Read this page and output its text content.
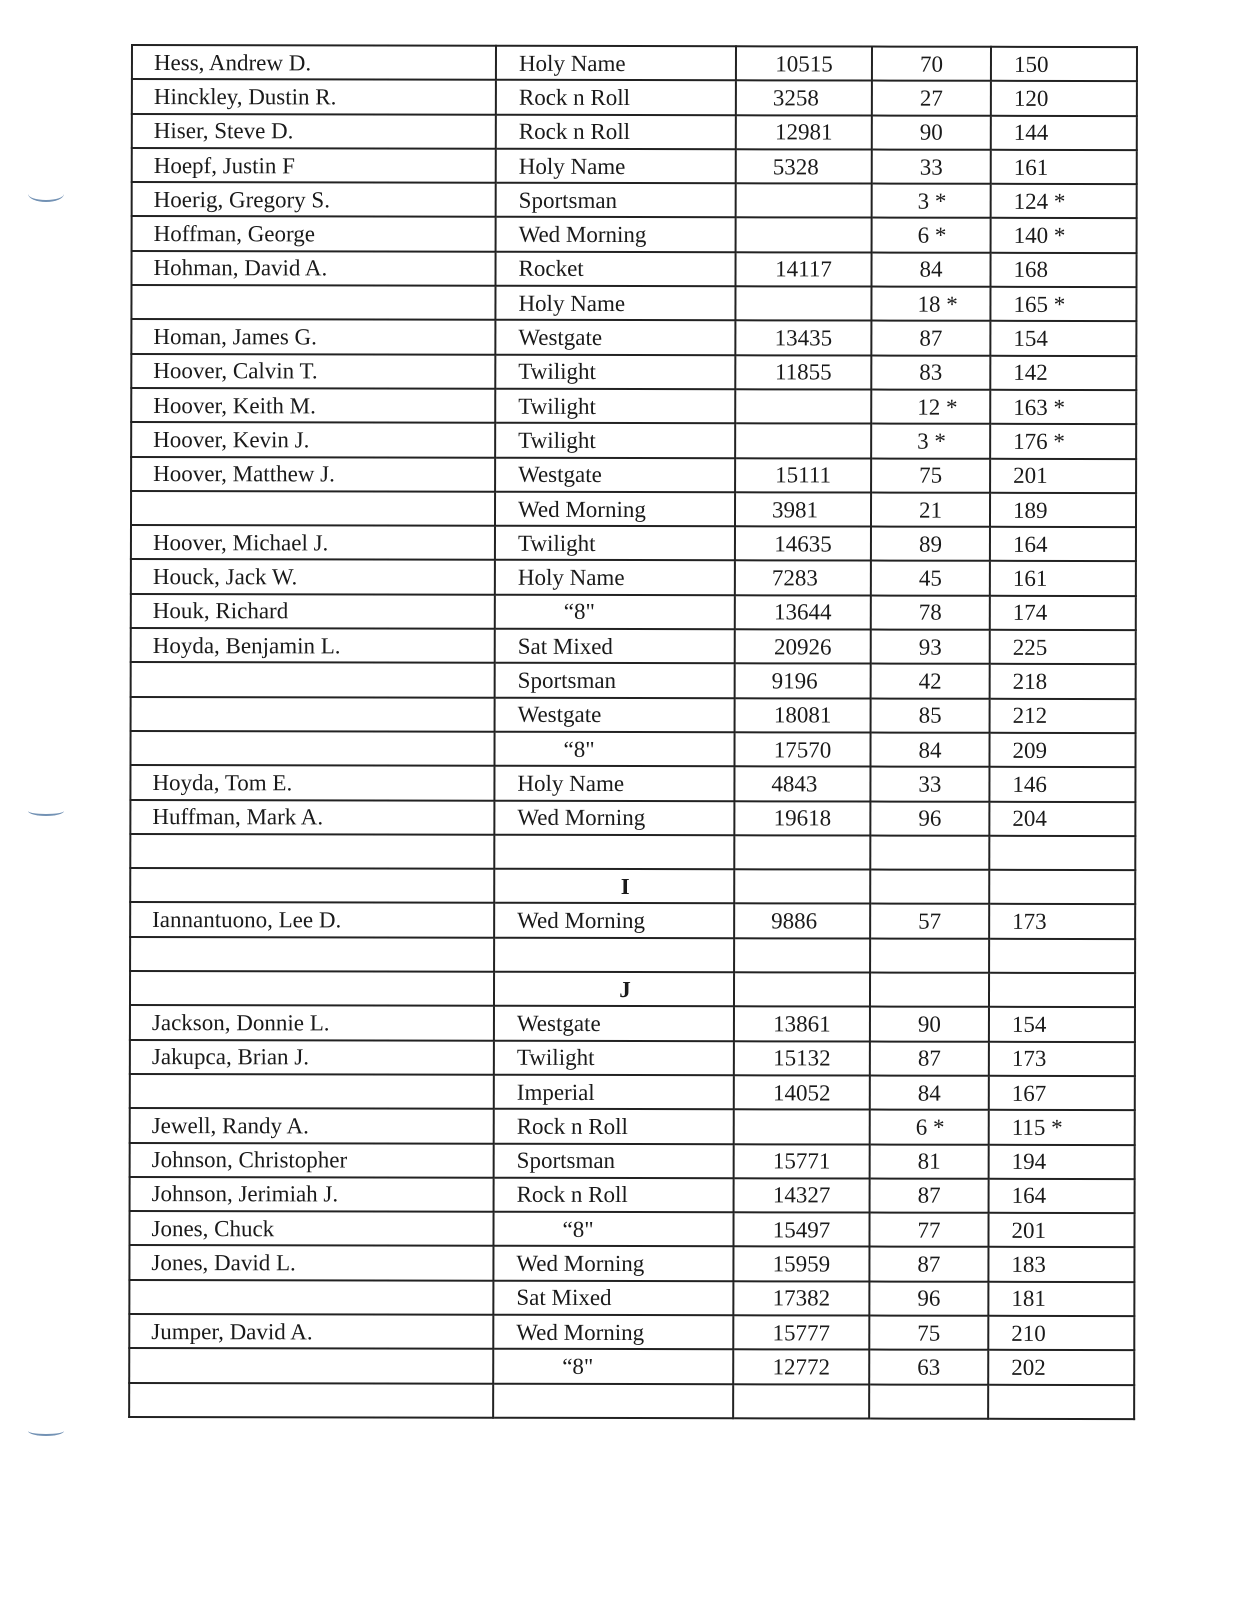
Hess, Andrew D.	Holy Name	10515	70	150
Hinckley, Dustin R.	Rock n Roll	3258	27	120
Hiser, Steve D.	Rock n Roll	12981	90	144
Hoepf, Justin F	Holy Name	5328	33	161
Hoerig, Gregory S.	Sportsman		3 *	124 *
Hoffman, George	Wed Morning		6 *	140 *
Hohman, David A.	Rocket	14117	84	168
	Holy Name		18 *	165 *
Homan, James G.	Westgate	13435	87	154
Hoover, Calvin T.	Twilight	11855	83	142
Hoover, Keith M.	Twilight		12 *	163 *
Hoover, Kevin J.	Twilight		3 *	176 *
Hoover, Matthew J.	Westgate	15111	75	201
	Wed Morning	3981	21	189
Hoover, Michael J.	Twilight	14635	89	164
Houck, Jack W.	Holy Name	7283	45	161
Houk, Richard	“8"	13644	78	174
Hoyda, Benjamin L.	Sat Mixed	20926	93	225
	Sportsman	9196	42	218
	Westgate	18081	85	212
	“8"	17570	84	209
Hoyda, Tom E.	Holy Name	4843	33	146
Huffman, Mark A.	Wed Morning	19618	96	204

	I			
Iannantuono, Lee D.	Wed Morning	9886	57	173

	J			
Jackson, Donnie L.	Westgate	13861	90	154
Jakupca, Brian J.	Twilight	15132	87	173
	Imperial	14052	84	167
Jewell, Randy A.	Rock n Roll		6 *	115 *
Johnson, Christopher	Sportsman	15771	81	194
Johnson, Jerimiah J.	Rock n Roll	14327	87	164
Jones, Chuck	“8"	15497	77	201
Jones, David L.	Wed Morning	15959	87	183
	Sat Mixed	17382	96	181
Jumper, David A.	Wed Morning	15777	75	210
	“8"	12772	63	202
